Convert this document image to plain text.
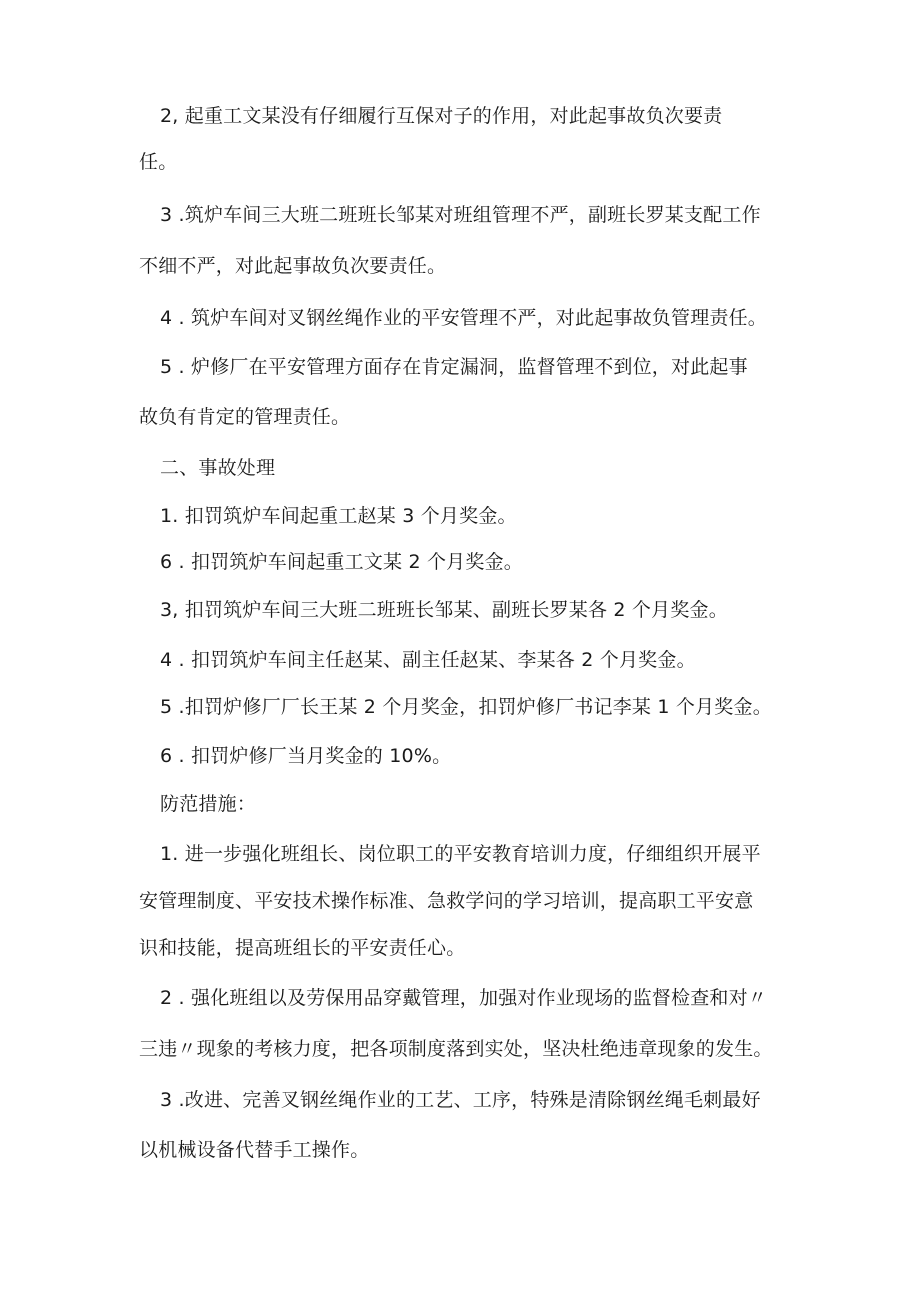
2, 起重工文某没有仔细履行互保对子的作用，对此起事故负次要责
任。
3 .筑炉车间三大班二班班长邹某对班组管理不严，副班长罗某支配工作
不细不严，对此起事故负次要责任。
4 . 筑炉车间对叉钢丝绳作业的平安管理不严，对此起事故负管理责任。
5 . 炉修厂在平安管理方面存在肯定漏洞，监督管理不到位，对此起事
故负有肯定的管理责任。
二、事故处理
1. 扣罚筑炉车间起重工赵某 3 个月奖金。
6 . 扣罚筑炉车间起重工文某 2 个月奖金。
3, 扣罚筑炉车间三大班二班班长邹某、副班长罗某各 2 个月奖金。
4 . 扣罚筑炉车间主任赵某、副主任赵某、李某各 2 个月奖金。
5 .扣罚炉修厂厂长王某 2 个月奖金，扣罚炉修厂书记李某 1 个月奖金。
6 . 扣罚炉修厂当月奖金的 10%。
防范措施：
1. 进一步强化班组长、岗位职工的平安教育培训力度，仔细组织开展平
安管理制度、平安技术操作标准、急救学问的学习培训，提高职工平安意
识和技能，提高班组长的平安责任心。
2 . 强化班组以及劳保用品穿戴管理，加强对作业现场的监督检查和对〃
三违〃现象的考核力度，把各项制度落到实处，坚决杜绝违章现象的发生。
3 .改进、完善叉钢丝绳作业的工艺、工序，特殊是清除钢丝绳毛刺最好
以机械设备代替手工操作。
